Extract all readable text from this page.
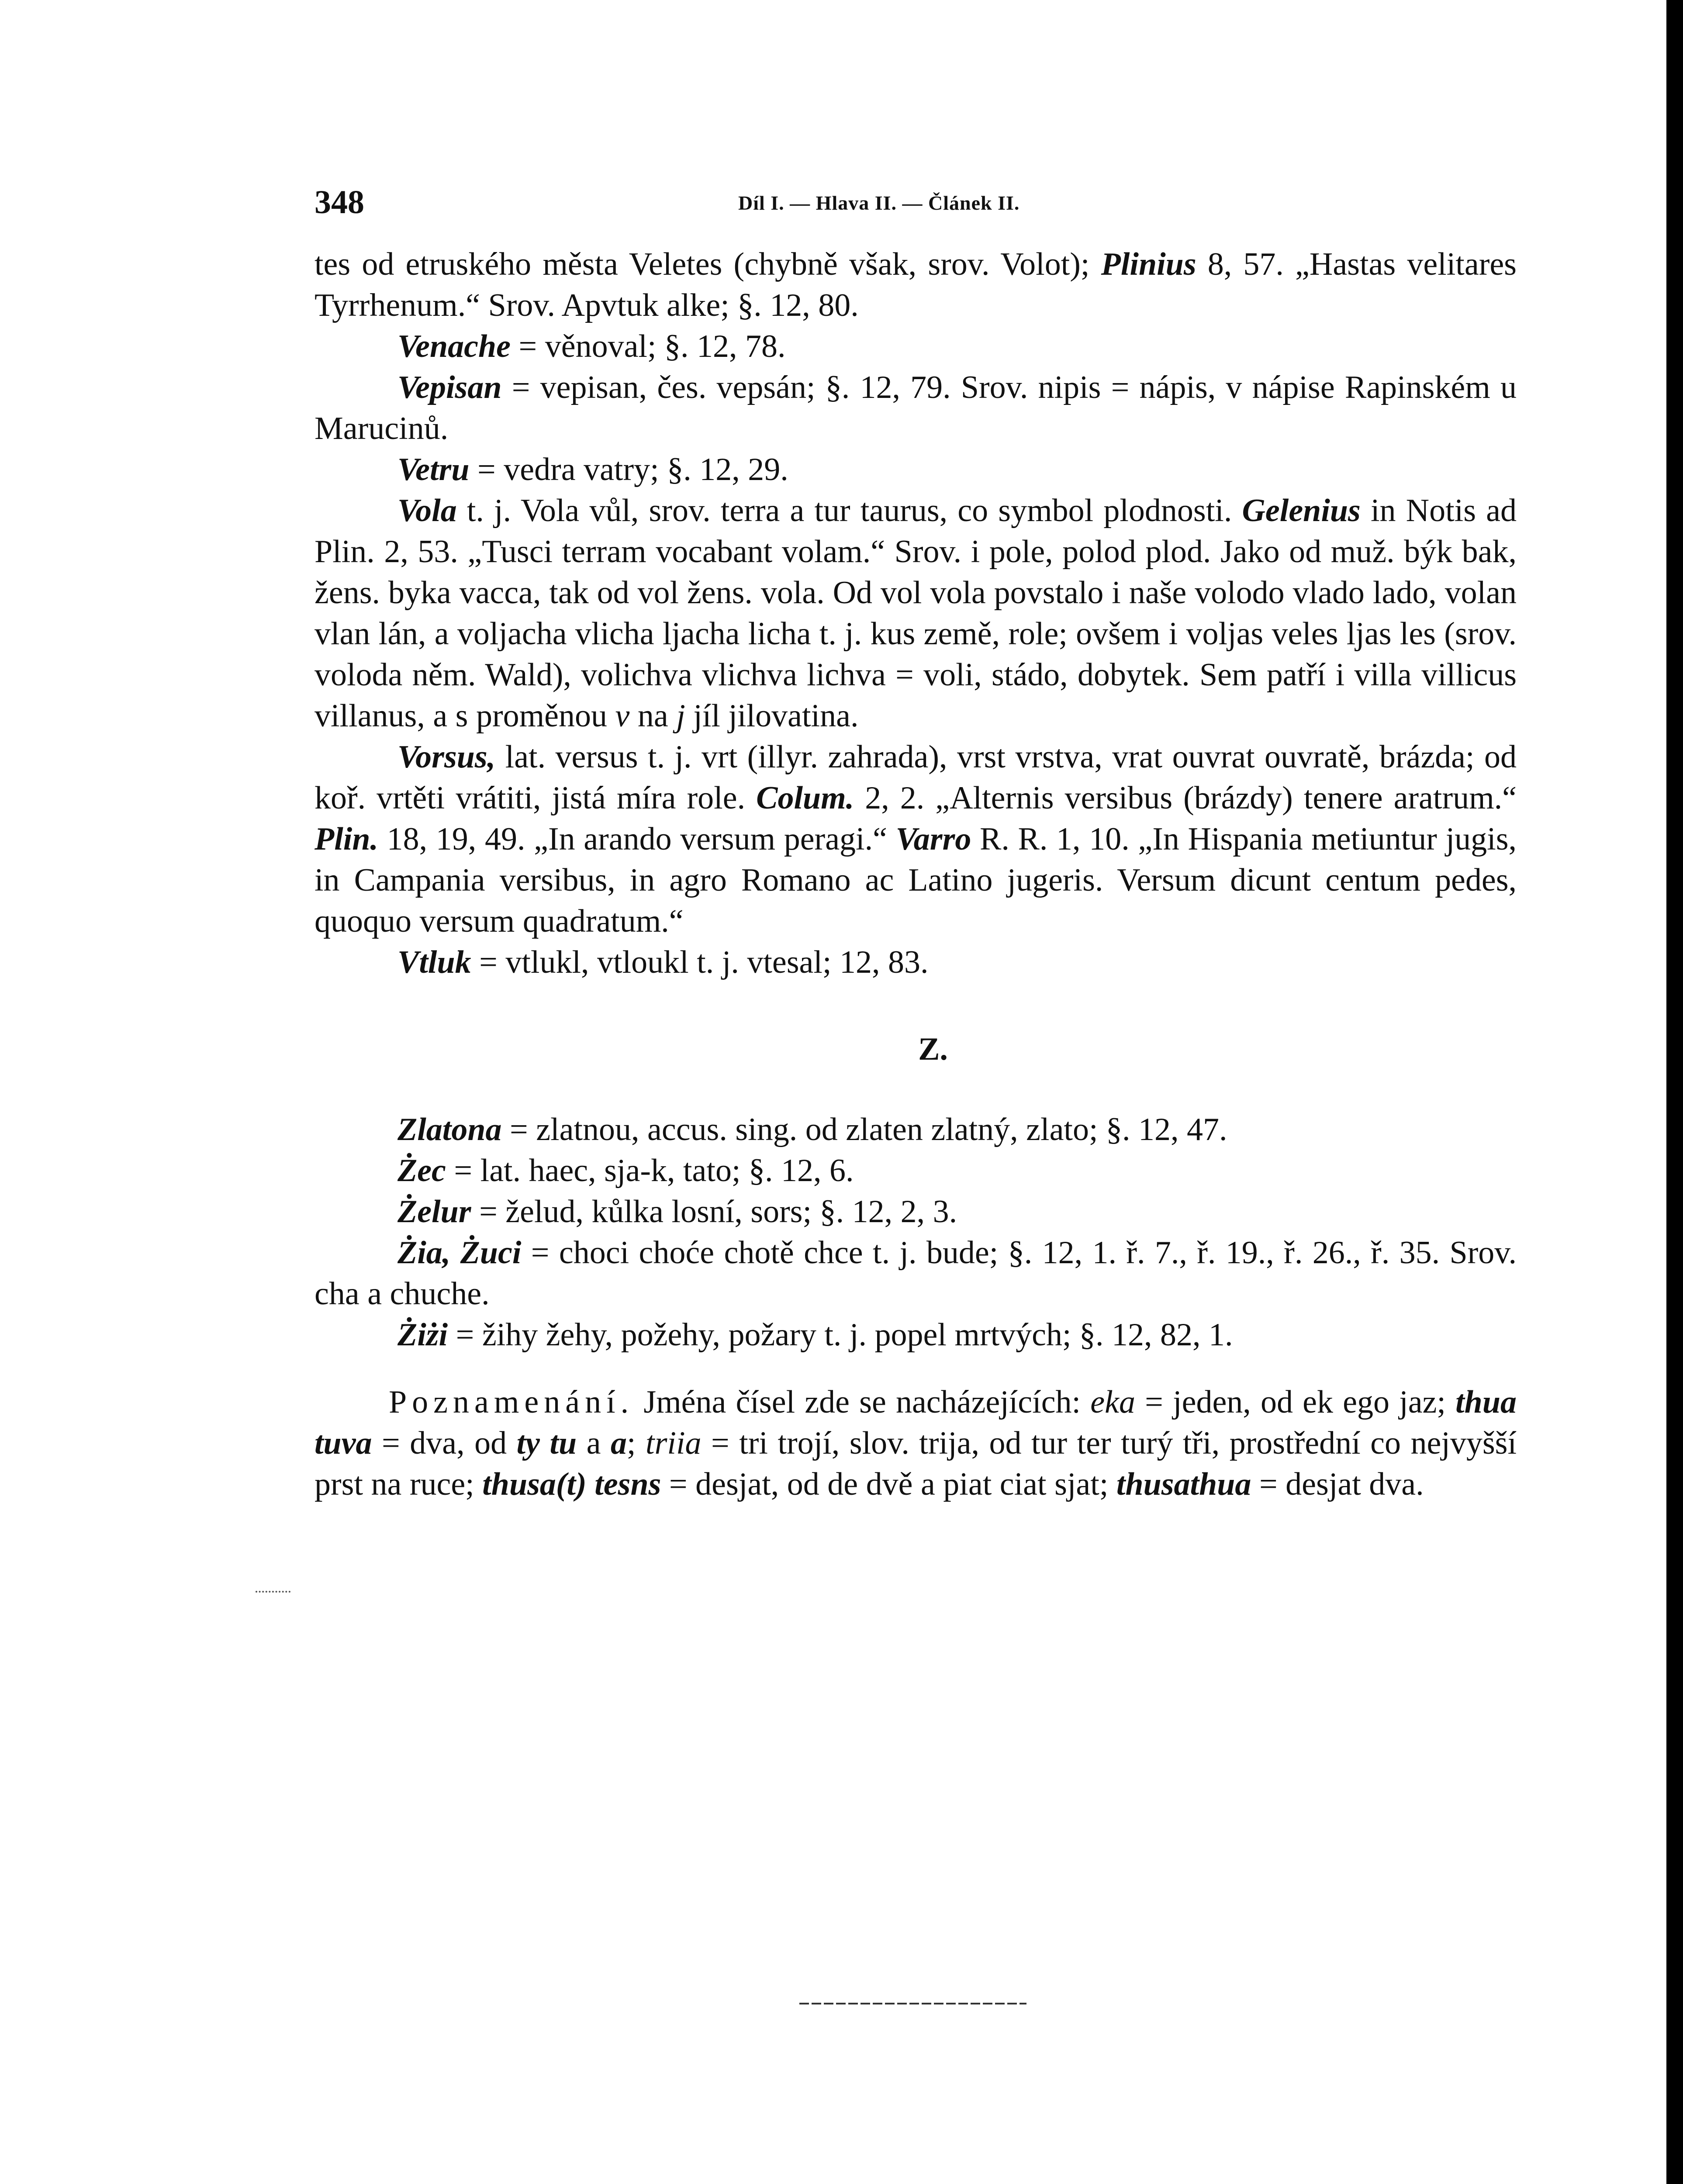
348	Díl I. — Hlava II. — Článek II.

tes od etruského města Veletes (chybně však, srov. Volot); Plinius 8, 57. „Hastas velitares Tyrrhenum.“ Srov. Apvtuk alke; §. 12, 80.

Venache = věnoval; §. 12, 78.

Vepisan = vepisan, čes. vepsán; §. 12, 79. Srov. nipis = nápis, v nápise Rapinském u Marucinů.

Vetru = vedra vatry; §. 12, 29.

Vola t. j. Vola vůl, srov. terra a tur taurus, co symbol plodnosti. Gelenius in Notis ad Plin. 2, 53. „Tusci terram vocabant volam.“ Srov. i pole, polod plod. Jako od muž. býk bak, žens. byka vacca, tak od vol žens. vola. Od vol vola povstalo i naše volodo vlado lado, volan vlan lán, a voljacha vlicha ljacha licha t. j. kus země, role; ovšem i voljas veles ljas les (srov. voloda něm. Wald), volichva vlichva lichva = voli, stádo, dobytek. Sem patří i villa villicus villanus, a s proměnou v na j jíl jilovatina.

Vorsus, lat. versus t. j. vrt (illyr. zahrada), vrst vrstva, vrat ouvrat ouvratě, brázda; od koř. vrtěti vrátiti, jistá míra role. Colum. 2, 2. „Alternis versibus (brázdy) tenere aratrum.“ Plin. 18, 19, 49. „In arando versum peragi.“ Varro R. R. 1, 10. „In Hispania metiuntur jugis, in Campania versibus, in agro Romano ac Latino jugeris. Versum dicunt centum pedes, quoquo versum quadratum.“

Vtluk = vtlukl, vtloukl t. j. vtesal; 12, 83.

Z.

Zlatona = zlatnou, accus. sing. od zlaten zlatný, zlato; §. 12, 47.

Żec = lat. haec, sja-k, tato; §. 12, 6.

Żelur = želud, kůlka losní, sors; §. 12, 2, 3.

Żia, Żuci = choci choće chotě chce t. j. bude; §. 12, 1. ř. 7., ř. 19., ř. 26., ř. 35. Srov. cha a chuche.

Żiżi = žihy žehy, požehy, požary t. j. popel mrtvých; §. 12, 82, 1.

Poznamenání. Jména čísel zde se nacházejících: eka = jeden, od ek ego jaz; thua tuva = dva, od ty tu a a; triia = tri trojí, slov. trija, od tur ter turý tři, prostřední co nejvyšší prst na ruce; thusa(t) tesns = desjat, od de dvě a piat ciat sjat; thusathua = desjat dva.
